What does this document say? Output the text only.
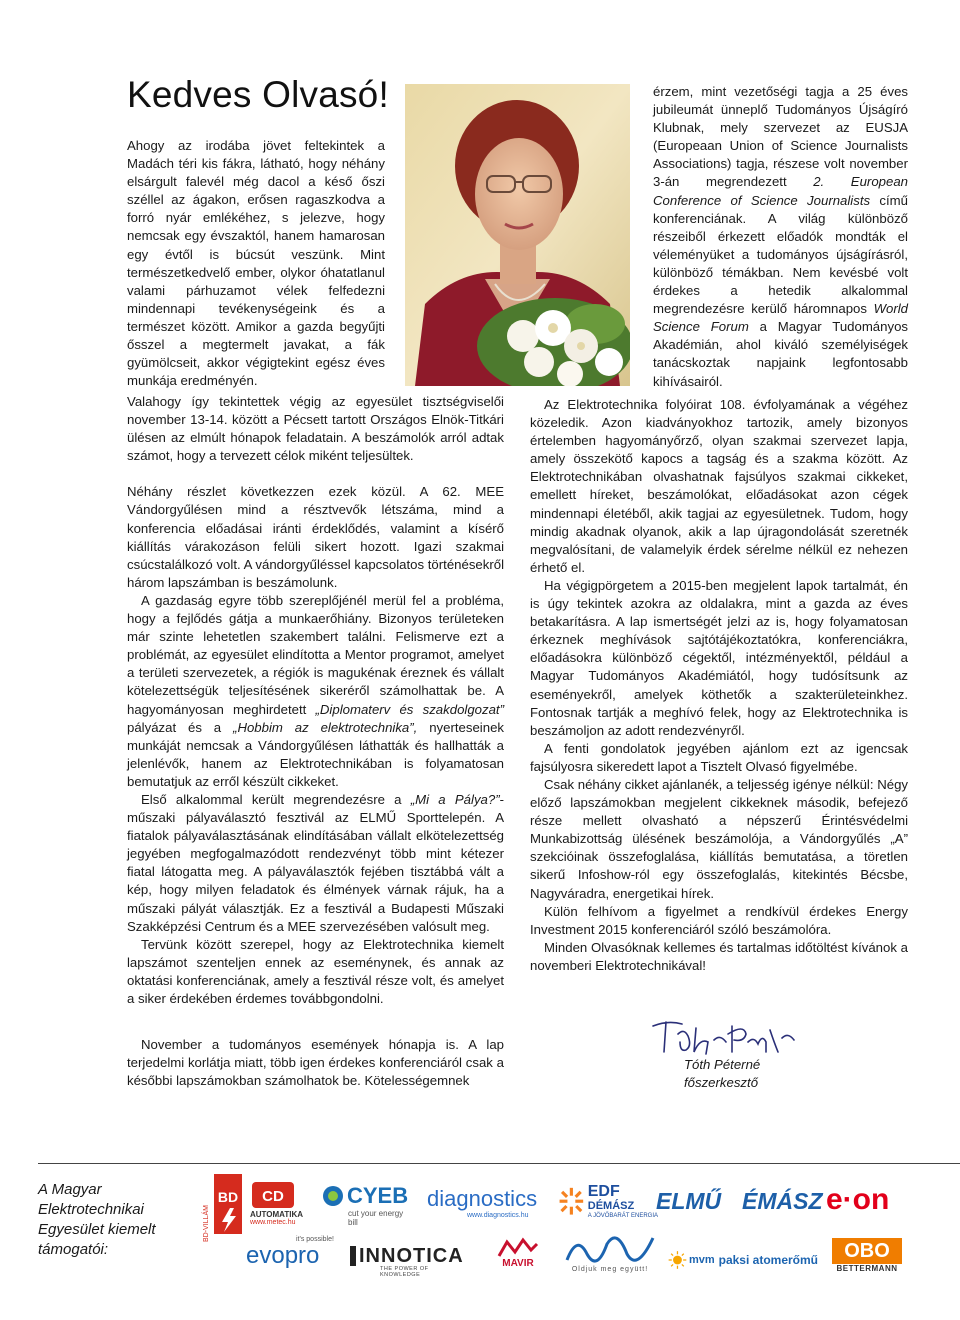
Kedves Olvasó!

Ahogy az irodába jövet feltekintek a Madách téri kis fákra, látható, hogy néhány elsárgult falevél még dacol a késő őszi széllel az ágakon, erősen ragaszkodva a forró nyár emlékéhez, s jelezve, hogy nemcsak egy évszaktól, hanem hamarosan egy évtől is búcsút veszünk. Mint természetkedvelő ember, olykor óhatatlanul valami párhuzamot vélek felfedezni mindennapi tevékenységeink és a természet között. Amikor a gazda begyűjti ősszel a megtermelt javakat, a fák gyümölcseit, akkor végigtekint egész éves munkája eredményén.

Valahogy így tekintettek végig az egyesület tisztségviselői november 13-14. között a Pécsett tartott Országos Elnök-Titkári ülésen az elmúlt hónapok feladatain. A beszámolók arról adtak számot, hogy a tervezett célok miként teljesültek.

Néhány részlet következzen ezek közül. A 62. MEE Vándorgyűlésen mind a résztvevők létszáma, mind a konferencia előadásai iránti érdeklődés, valamint a kísérő kiállítás várakozáson felüli sikert hozott. Igazi szakmai csúcstalálkozó volt. A vándorgyűléssel kapcsolatos történésekről három lapszámban is beszámolunk.

A gazdaság egyre több szereplőjénél merül fel a probléma, hogy a fejlődés gátja a munkaerőhiány. Bizonyos területeken már szinte lehetetlen szakembert találni. Felismerve ezt a problémát, az egyesület elindította a Mentor programot, amelyet a területi szervezetek, a régiók is magukénak éreznek és vállalt kötelezettségük teljesítésének sikeréről számolhattak be. A hagyományosan meghirdetett „Diplomaterv és szakdolgozat” pályázat és a „Hobbim az elektrotechnika”, nyerteseinek munkáját nemcsak a Vándorgyűlésen láthatták és hallhatták a jelenlévők, hanem az Elektrotechnikában is folyamatosan bemutatjuk az erről készült cikkeket.

Első alkalommal került megrendezésre a „Mi a Pálya?”- műszaki pályaválasztó fesztivál az ELMŰ Sporttelepén. A fiatalok pályaválasztásának elindításában vállalt elkötelezettség jegyében megfogalmazódott rendezvényt több mint kétezer fiatal látogatta meg. A pályaválasztók fejében tisztábbá vált a kép, hogy milyen feladatok és élmények várnak rájuk, ha a műszaki pályát választják. Ez a fesztivál a Budapesti Műszaki Szakképzési Centrum és a MEE szervezésében valósult meg.

Tervünk között szerepel, hogy az Elektrotechnika kiemelt lapszámot szenteljen ennek az eseménynek, és annak az oktatási konferenciának, amely a fesztivál része volt, és amelyet a siker érdekében érdemes továbbgondolni.

November a tudományos események hónapja is. A lap terjedelmi korlátja miatt, több igen érdekes konferenciáról csak a későbbi lapszámokban számolhatok be. Kötelességemnek

érzem, mint vezetőségi tagja a 25 éves jubileumát ünneplő Tudományos Újságíró Klubnak, mely szervezet az EUSJA (Europeaan Union of Science Journalists Associations) tagja, részese volt november 3-án megrendezett 2. European Conference of Science Journalists című konferenciának. A világ különböző részeiből érkezett előadók mondták el véleményüket a tudományos újságírásról, különböző témákban. Nem kevésbé volt érdekes a hetedik alkalommal megrendezésre kerülő háromnapos World Science Forum a Magyar Tudományos Akadémián, ahol kiváló személyiségek tanácskoztak napjaink legfontosabb kihívásairól.

Az Elektrotechnika folyóirat 108. évfolyamának a végéhez közeledik. Azon kiadványokhoz tartozik, amely bizonyos értelemben hagyományőrző, olyan szakmai szervezet lapja, amely összekötő kapocs a tagság és a szakma között. Az Elektrotechnikában olvashatnak fajsúlyos szakmai cikkeket, emellett híreket, beszámolókat, előadásokat azon cégek mindennapi életéből, akik tagjai az egyesületnek. Tudom, hogy mindig akadnak olyanok, akik a lap újragondolását szeretnék megvalósítani, de valamelyik érdek sérelme nélkül ez nehezen érhető el.

Ha végigpörgetem a 2015-ben megjelent lapok tartalmát, én is úgy tekintek azokra az oldalakra, mint a gazda az éves betakarításra. A lap ismertségét jelzi az is, hogy folyamatosan érkeznek meghívások sajtótájékoztatókra, konferenciákra, előadásokra különböző cégektől, intézményektől, például a Magyar Tudományos Akadémiától, hogy tudósítsunk az eseményekről, amelyek köthetők a szakterületeinkhez. Fontosnak tartják a meghívó felek, hogy az Elektrotechnika is beszámoljon az adott rendezvényről.

A fenti gondolatok jegyében ajánlom ezt az igencsak fajsúlyosra sikeredett lapot a Tisztelt Olvasó figyelmébe.

Csak néhány cikket ajánlanék, a teljesség igénye nélkül: Négy előző lapszámokban megjelent cikkeknek második, befejező része mellett olvasható a népszerű Érintésvédelmi Munkabizottság ülésének beszámolója, a Vándorgyűlés „A” szekcióinak összefoglalása, kiállítás bemutatása, a töretlen sikerű Infoshow-ról egy összefoglalás, kitekintés Bécsbe, Nagyváradra, energetikai hírek.

Külön felhívom a figyelmet a rendkívül érdekes Energy Investment 2015 konferenciáról szóló beszámolóra.

Minden Olvasóknak kellemes és tartalmas időtöltést kívánok a novemberi Elektrotechnikával!

Tóth Péterné
főszerkesztő
A Magyar Elektrotechnikai Egyesület kiemelt támogatói:
BD
BD-VILLÁM
CD
AUTOMATIKA
www.metec.hu
CYEB
cut your energy bill
diagnostics
www.diagnostics.hu
EDF
DÉMÁSZ
A JÖVŐBARÁT ENERGIA
ELMŰ ÉMÁSZ e·on
it's possible!
evopro	INNOTICA
THE POWER OF KNOWLEDGE
MAVIR
Oldjuk meg együtt!
mvm paksi atomerőmű	OBO
BETTERMANN
